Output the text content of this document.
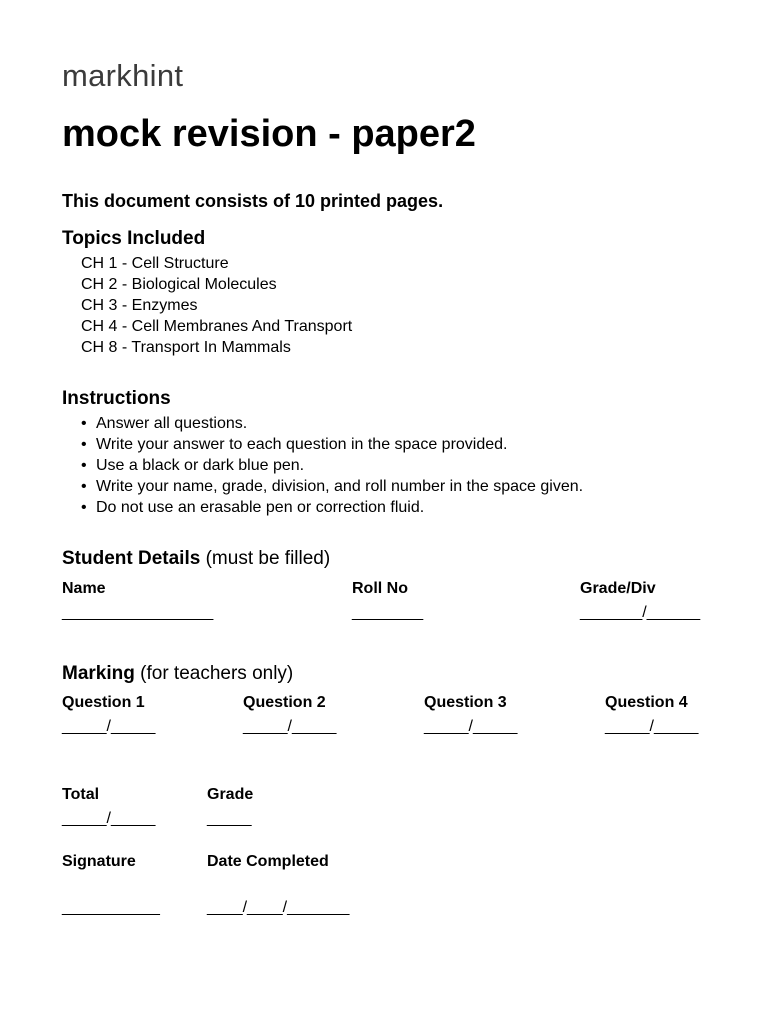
markhint
mock revision - paper2
This document consists of 10 printed pages.
Topics Included
CH 1 - Cell Structure
CH 2 - Biological Molecules
CH 3 - Enzymes
CH 4 - Cell Membranes And Transport
CH 8 - Transport In Mammals
Instructions
• Answer all questions.
• Write your answer to each question in the space provided.
• Use a black or dark blue pen.
• Write your name, grade, division, and roll number in the space given.
• Do not use an erasable pen or correction fluid.
Student Details (must be filled)
Name
_________________
Roll No
________
Grade/Div
_______/______
Marking (for teachers only)
Question 1
_____/_____
Question 2
_____/_____
Question 3
_____/_____
Question 4
_____/_____
Total
_____/_____
Grade
_____
Signature
___________
Date Completed
____/____/_______
